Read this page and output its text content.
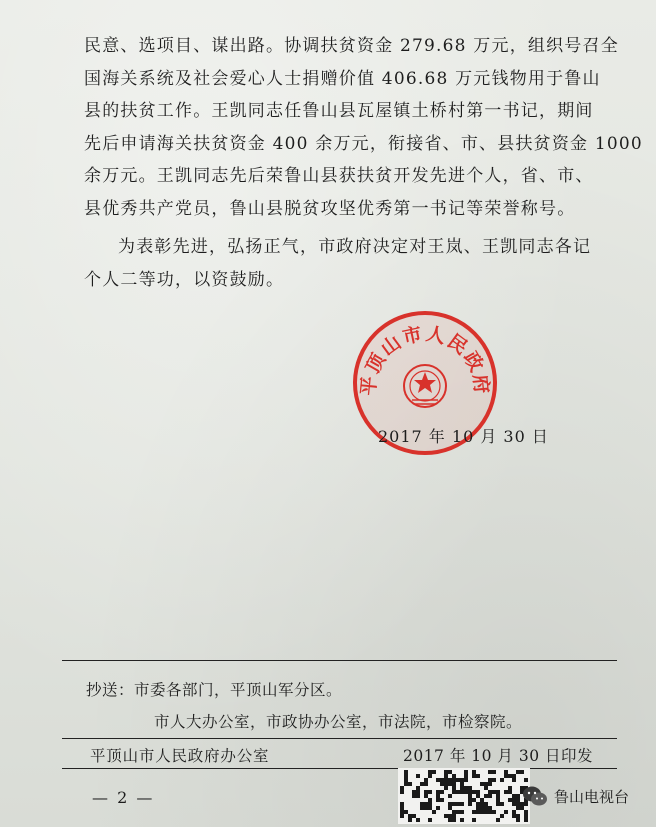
民意、选项目、谋出路。协调扶贫资金 279.68 万元，组织号召全
国海关系统及社会爱心人士捐赠价值 406.68 万元钱物用于鲁山
县的扶贫工作。王凯同志任鲁山县瓦屋镇土桥村第一书记，期间
先后申请海关扶贫资金 400 余万元，衔接省、市、县扶贫资金 1000
余万元。王凯同志先后荣鲁山县获扶贫开发先进个人，省、市、
县优秀共产党员，鲁山县脱贫攻坚优秀第一书记等荣誉称号。
为表彰先进，弘扬正气，市政府决定对王岚、王凯同志各记
个人二等功，以资鼓励。
平顶山市人民政府
2017 年 10 月 30 日
抄送：市委各部门，平顶山军分区。
市人大办公室，市政协办公室，市法院，市检察院。
平顶山市人民政府办公室	2017 年 10 月 30 日印发
— 2 —	鲁山电视台
